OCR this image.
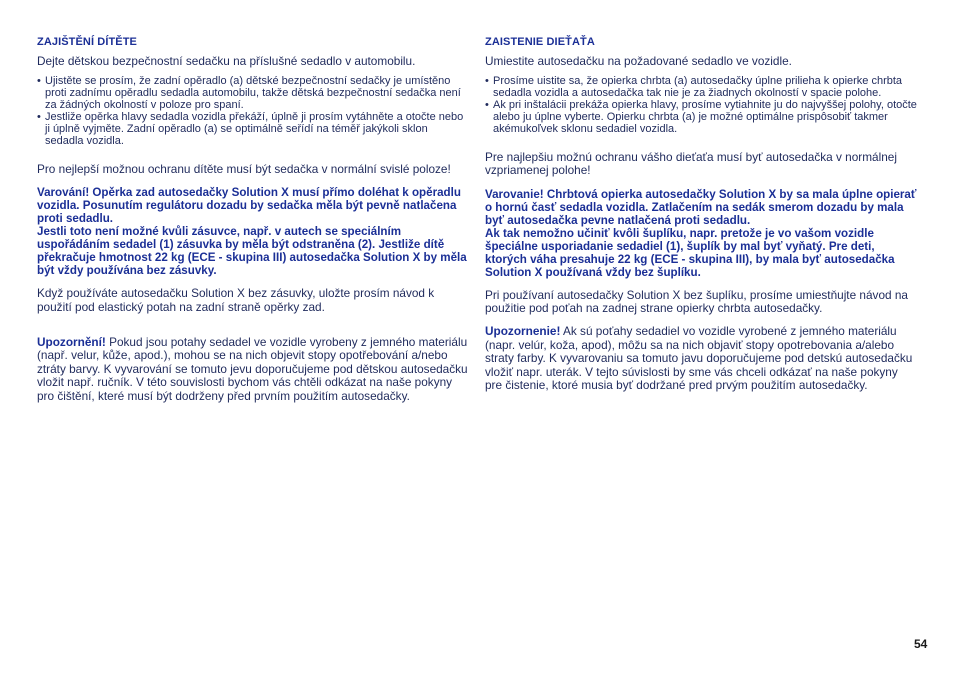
ZAJIŠTĚNÍ DÍTĚTE

Dejte dětskou bezpečnostní sedačku na příslušné sedadlo v automobilu.

• Ujistěte se prosím, že zadní opěradlo (a) dětské bezpečnostní sedačky je umístěno proti zadnímu opěradlu sedadla automobilu, takže dětská bezpečnostní sedačka není za žádných okolností v poloze pro spaní.
• Jestliže opěrka hlavy sedadla vozidla překáží, úplně ji prosím vytáhněte a otočte nebo ji úplně vyjměte. Zadní opěradlo (a) se optimálně seřídí na téměř jakýkoli sklon sedadla vozidla.

Pro nejlepší možnou ochranu dítěte musí být sedačka v normální svislé poloze!

Varování! Opěrka zad autosedačky Solution X musí přímo doléhat k opěradlu vozidla. Posunutím regulátoru dozadu by sedačka měla být pevně natlačena proti sedadlu.

Jestli toto není možné kvůli zásuvce, např. v autech se speciálním uspořádáním sedadel (1) zásuvka by měla být odstraněna (2). Jestliže dítě překračuje hmotnost 22 kg (ECE - skupina III) autosedačka Solution X by měla být vždy používána bez zásuvky.

Když používáte autosedačku Solution X bez zásuvky, uložte prosím návod k použití pod elastický potah na zadní straně opěrky zad.

Upozornění! Pokud jsou potahy sedadel ve vozidle vyrobeny z jemného materiálu (např. velur, kůže, apod.), mohou se na nich objevit stopy opotřebování a/nebo ztráty barvy. K vyvarování se tomuto jevu doporučujeme pod dětskou autosedačku vložit např. ručník. V této souvislosti bychom vás chtěli odkázat na naše pokyny pro čištění, které musí být dodrženy před prvním použitím autosedačky.

ZAISTENIE DIEŤAŤA

Umiestite autosedačku na požadované sedadlo ve vozidle.

• Prosíme uistite sa, že opierka chrbta (a) autosedačky úplne prilieha k opierke chrbta sedadla vozidla a autosedačka tak nie je za žiadnych okolností v spacie polohe.
• Ak pri inštalácii prekáža opierka hlavy, prosíme vytiahnite ju do najvyššej polohy, otočte alebo ju úplne vyberte. Opierku chrbta (a) je možné optimálne prispôsobiť takmer akémukoľvek sklonu sedadiel vozidla.

Pre najlepšiu možnú ochranu vášho dieťaťa musí byť autosedačka v normálnej vzpriamenej polohe!

Varovanie! Chrbtová opierka autosedačky Solution X by sa mala úplne opierať o hornú časť sedadla vozidla. Zatlačením na sedák smerom dozadu by mala byť autosedačka pevne natlačená proti sedadlu.

Ak tak nemožno učiniť kvôli šuplíku, napr. pretože je vo vašom vozidle špeciálne usporiadanie sedadiel (1), šuplík by mal byť vyňatý. Pre deti, ktorých váha presahuje 22 kg (ECE - skupina III), by mala byť autosedačka Solution X používaná vždy bez šuplíku.

Pri používaní autosedačky Solution X bez šuplíku, prosíme umiestňujte návod na použitie pod poťah na zadnej strane opierky chrbta autosedačky.

Upozornenie! Ak sú poťahy sedadiel vo vozidle vyrobené z jemného materiálu (napr. velúr, koža, apod), môžu sa na nich objaviť stopy opotrebovania a/alebo straty farby. K vyvarovaniu sa tomuto javu doporučujeme pod detskú autosedačku vložiť napr. uterák. V tejto súvislosti by sme vás chceli odkázať na naše pokyny pre čistenie, ktoré musia byť dodržané pred prvým použitím autosedačky.

54
